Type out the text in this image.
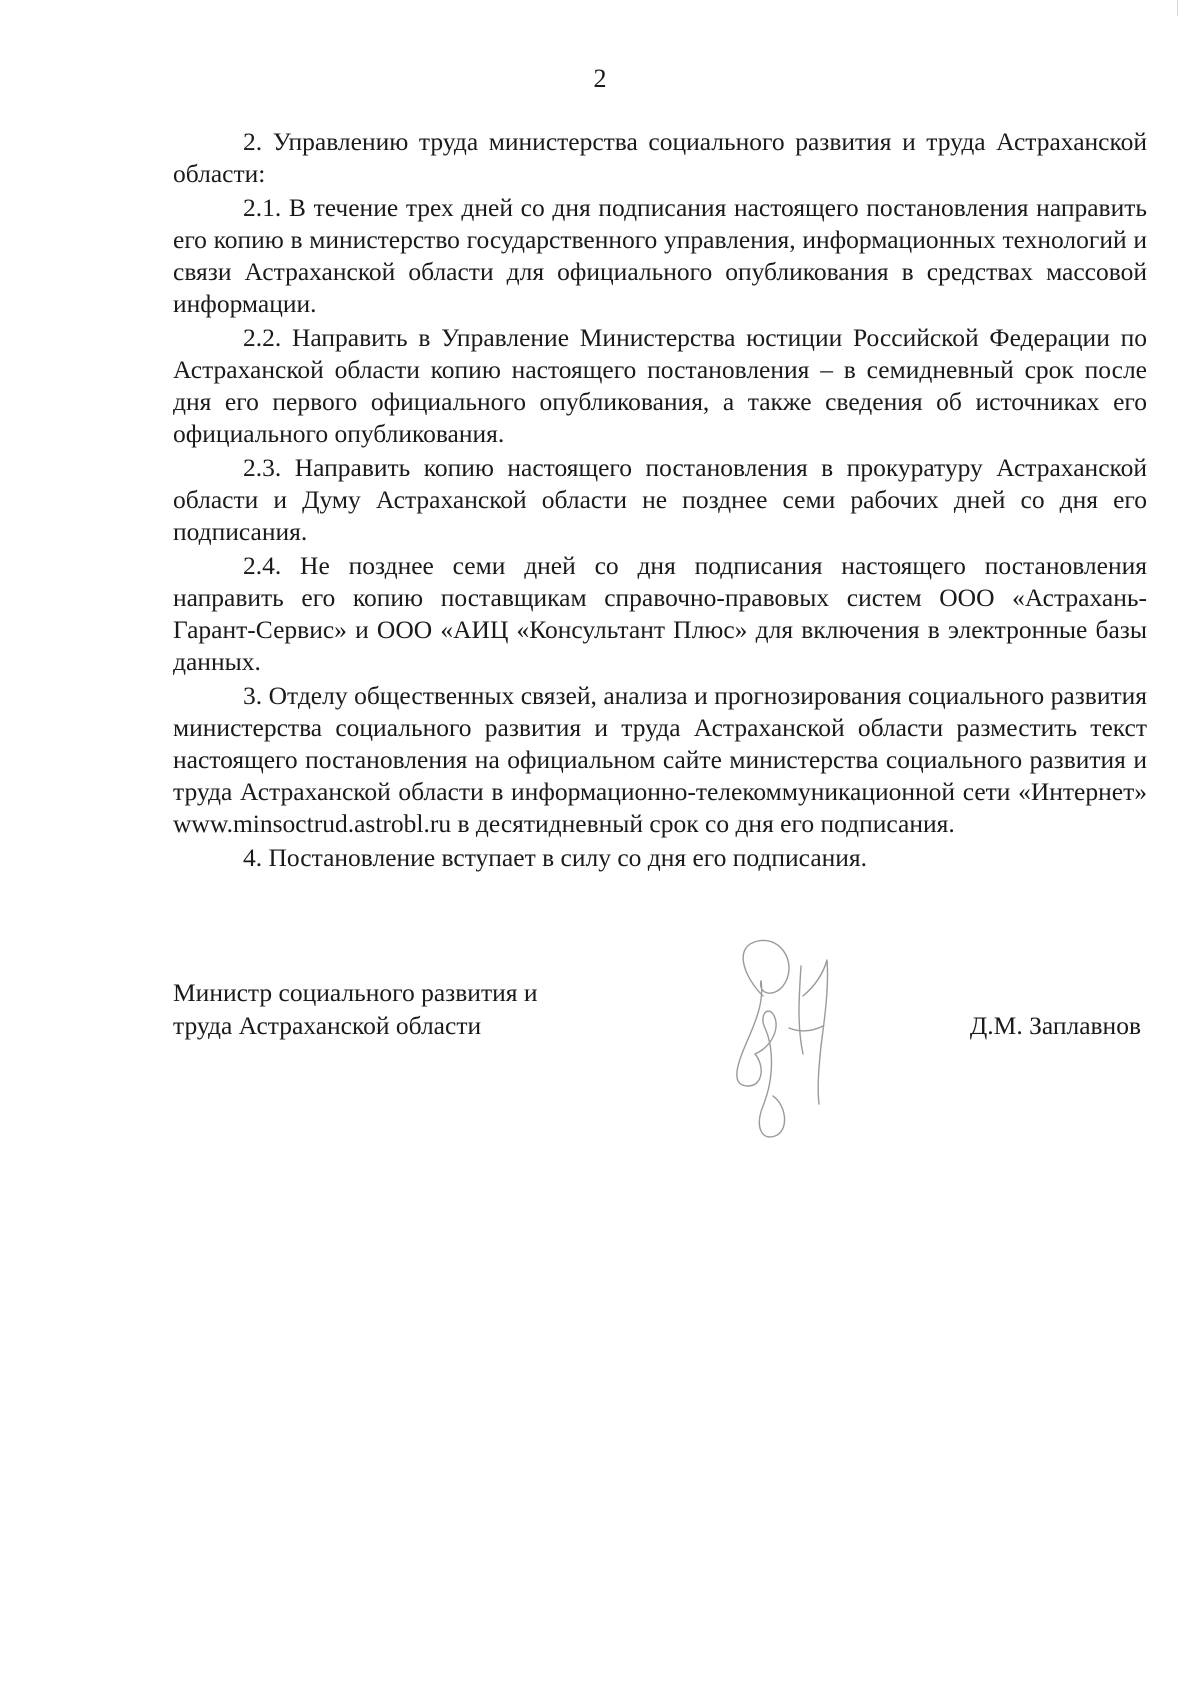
2

2. Управлению труда министерства социального развития и труда Астраханской области:

2.1. В течение трех дней со дня подписания настоящего постановления направить его копию в министерство государственного управления, информационных технологий и связи Астраханской области для официального опубликования в средствах массовой информации.

2.2. Направить в Управление Министерства юстиции Российской Федерации по Астраханской области копию настоящего постановления – в семидневный срок после дня его первого официального опубликования, а также сведения об источниках его официального опубликования.

2.3. Направить копию настоящего постановления в прокуратуру Астраханской области и Думу Астраханской области не позднее семи рабочих дней со дня его подписания.

2.4. Не позднее семи дней со дня подписания настоящего постановления направить его копию поставщикам справочно-правовых систем ООО «Астрахань-Гарант-Сервис» и ООО «АИЦ «Консультант Плюс» для включения в электронные базы данных.

3. Отделу общественных связей, анализа и прогнозирования социального развития министерства социального развития и труда Астраханской области разместить текст настоящего постановления на официальном сайте министерства социального развития и труда Астраханской области в информационно-телекоммуникационной сети «Интернет» www.minsoctrud.astrobl.ru в десятидневный срок со дня его подписания.

4. Постановление вступает в силу со дня его подписания.

Министр социального развития и
труда Астраханской области	Д.М. Заплавнов
